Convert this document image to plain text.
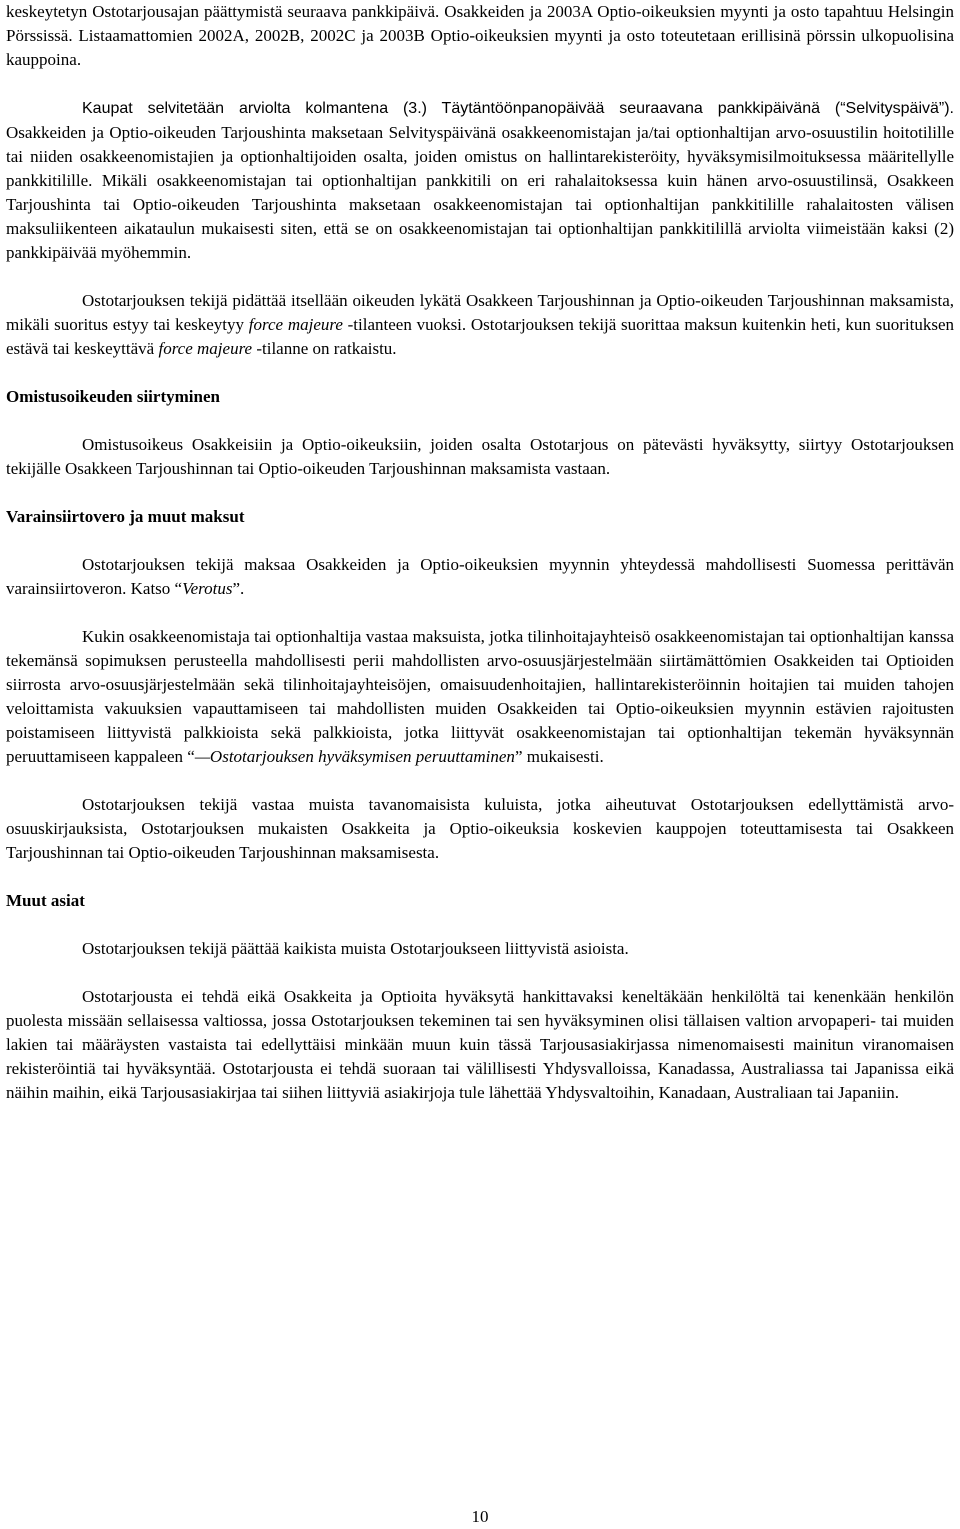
keskeytetyn Ostotarjousajan päättymistä seuraava pankkipäivä. Osakkeiden ja 2003A Optio-oikeuksien myynti ja osto tapahtuu Helsingin Pörssissä. Listaamattomien 2002A, 2002B, 2002C ja 2003B Optio-oikeuksien myynti ja osto toteutetaan erillisinä pörssin ulkopuolisina kauppoina.

Kaupat selvitetään arviolta kolmantena (3.) Täytäntöönpanopäivää seuraavana pankkipäivänä (“Selvityspäivä”). Osakkeiden ja Optio-oikeuden Tarjoushinta maksetaan Selvityspäivänä osakkeenomistajan ja/tai optionhaltijan arvo-osuustilin hoitotilille tai niiden osakkeenomistajien ja optionhaltijoiden osalta, joiden omistus on hallintarekisteröity, hyväksymisilmoituksessa määritellylle pankkitilille. Mikäli osakkeenomistajan tai optionhaltijan pankkitili on eri rahalaitoksessa kuin hänen arvo-osuustilinsä, Osakkeen Tarjoushinta tai Optio-oikeuden Tarjoushinta maksetaan osakkeenomistajan tai optionhaltijan pankkitilille rahalaitosten välisen maksuliikenteen aikataulun mukaisesti siten, että se on osakkeenomistajan tai optionhaltijan pankkitilillä arviolta viimeistään kaksi (2) pankkipäivää myöhemmin.

Ostotarjouksen tekijä pidättää itsellään oikeuden lykätä Osakkeen Tarjoushinnan ja Optio-oikeuden Tarjoushinnan maksamista, mikäli suoritus estyy tai keskeytyy force majeure -tilanteen vuoksi. Ostotarjouksen tekijä suorittaa maksun kuitenkin heti, kun suorituksen estävä tai keskeyttävä force majeure -tilanne on ratkaistu.

Omistusoikeuden siirtyminen

Omistusoikeus Osakkeisiin ja Optio-oikeuksiin, joiden osalta Ostotarjous on pätevästi hyväksytty, siirtyy Ostotarjouksen tekijälle Osakkeen Tarjoushinnan tai Optio-oikeuden Tarjoushinnan maksamista vastaan.

Varainsiirtovero ja muut maksut

Ostotarjouksen tekijä maksaa Osakkeiden ja Optio-oikeuksien myynnin yhteydessä mahdollisesti Suomessa perittävän varainsiirtoveron. Katso “Verotus”.

Kukin osakkeenomistaja tai optionhaltija vastaa maksuista, jotka tilinhoitajayhteisö osakkeenomistajan tai optionhaltijan kanssa tekemänsä sopimuksen perusteella mahdollisesti perii mahdollisten arvo-osuusjärjestelmään siirtämättömien Osakkeiden tai Optioiden siirrosta arvo-osuusjärjestelmään sekä tilinhoitajayhteisöjen, omaisuudenhoitajien, hallintarekisteröinnin hoitajien tai muiden tahojen veloittamista vakuuksien vapauttamiseen tai mahdollisten muiden Osakkeiden tai Optio-oikeuksien myynnin estävien rajoitusten poistamiseen liittyvistä palkkioista sekä palkkioista, jotka liittyvät osakkeenomistajan tai optionhaltijan tekemän hyväksynnän peruuttamiseen kappaleen “—Ostotarjouksen hyväksymisen peruuttaminen” mukaisesti.

Ostotarjouksen tekijä vastaa muista tavanomaisista kuluista, jotka aiheutuvat Ostotarjouksen edellyttämistä arvo-osuuskirjauksista, Ostotarjouksen mukaisten Osakkeita ja Optio-oikeuksia koskevien kauppojen toteuttamisesta tai Osakkeen Tarjoushinnan tai Optio-oikeuden Tarjoushinnan maksamisesta.

Muut asiat

Ostotarjouksen tekijä päättää kaikista muista Ostotarjoukseen liittyvistä asioista.

Ostotarjousta ei tehdä eikä Osakkeita ja Optioita hyväksytä hankittavaksi keneltäkään henkilöltä tai kenenkään henkilön puolesta missään sellaisessa valtiossa, jossa Ostotarjouksen tekeminen tai sen hyväksyminen olisi tällaisen valtion arvopaperi- tai muiden lakien tai määräysten vastaista tai edellyttäisi minkään muun kuin tässä Tarjousasiakirjassa nimenomaisesti mainitun viranomaisen rekisteröintiä tai hyväksyntää. Ostotarjousta ei tehdä suoraan tai välillisesti Yhdysvalloissa, Kanadassa, Australiassa tai Japanissa eikä näihin maihin, eikä Tarjousasiakirjaa tai siihen liittyviä asiakirjoja tule lähettää Yhdysvaltoihin, Kanadaan, Australiaan tai Japaniin.

10
